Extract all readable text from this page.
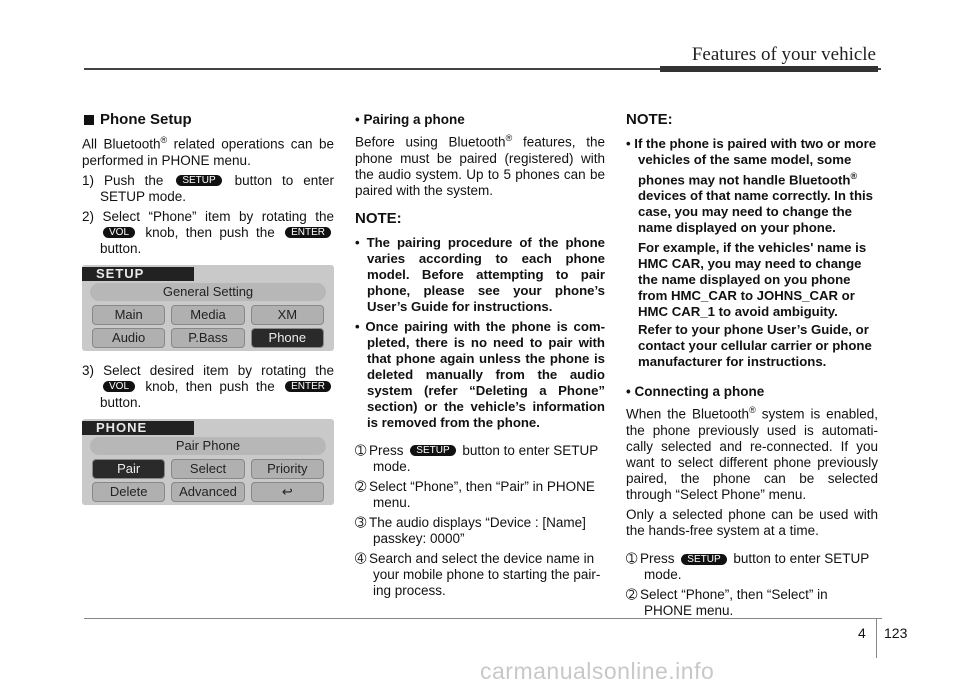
Features of your vehicle
Phone Setup

All Bluetooth® related operations can be performed in PHONE menu.

1) Push the SETUP button to enter SETUP mode.

2) Select “Phone” item by rotating the VOL knob, then push the ENTER button.

SETUP
General Setting
Main	Media	XM
Audio	P.Bass	Phone

3) Select desired item by rotating the VOL knob, then push the ENTER button.

PHONE
Pair Phone
Pair	Select	Priority
Delete	Advanced	↩
• Pairing a phone

Before using Bluetooth® features, the phone must be paired (registered) with the audio system. Up to 5 phones can be paired with the system.

NOTE:

• The pairing procedure of the phone varies according to each phone model. Before attempting to pair phone, please see your phone’s User’s Guide for instructions.

• Once pairing with the phone is com-pleted, there is no need to pair with that phone again unless the phone is deleted manually from the audio system (refer “Deleting a Phone” section) or the vehicle’s information is removed from the phone.

➀ Press SETUP button to enter SETUP mode.

➁ Select “Phone”, then “Pair” in PHONE menu.

➂ The audio displays “Device : [Name] passkey: 0000”

➃ Search and select the device name in your mobile phone to starting the pair-ing process.

NOTE:

• If the phone is paired with two or more vehicles of the same model, some phones may not handle Bluetooth® devices of that name correctly. In this case, you may need to change the name displayed on your phone.

For example, if the vehicles' name is HMC CAR, you may need to change the name displayed on you phone from HMC_CAR to JOHNS_CAR or HMC CAR_1 to avoid ambiguity.

Refer to your phone User’s Guide, or contact your cellular carrier or phone manufacturer for instructions.

• Connecting a phone

When the Bluetooth® system is enabled, the phone previously used is automati-cally selected and re-connected. If you want to select different phone previously paired, the phone can be selected through “Select Phone” menu.

Only a selected phone can be used with the hands-free system at a time.

➀ Press SETUP button to enter SETUP mode.

➁ Select “Phone”, then “Select” in PHONE menu.

4 123
carmanualsonline.info
